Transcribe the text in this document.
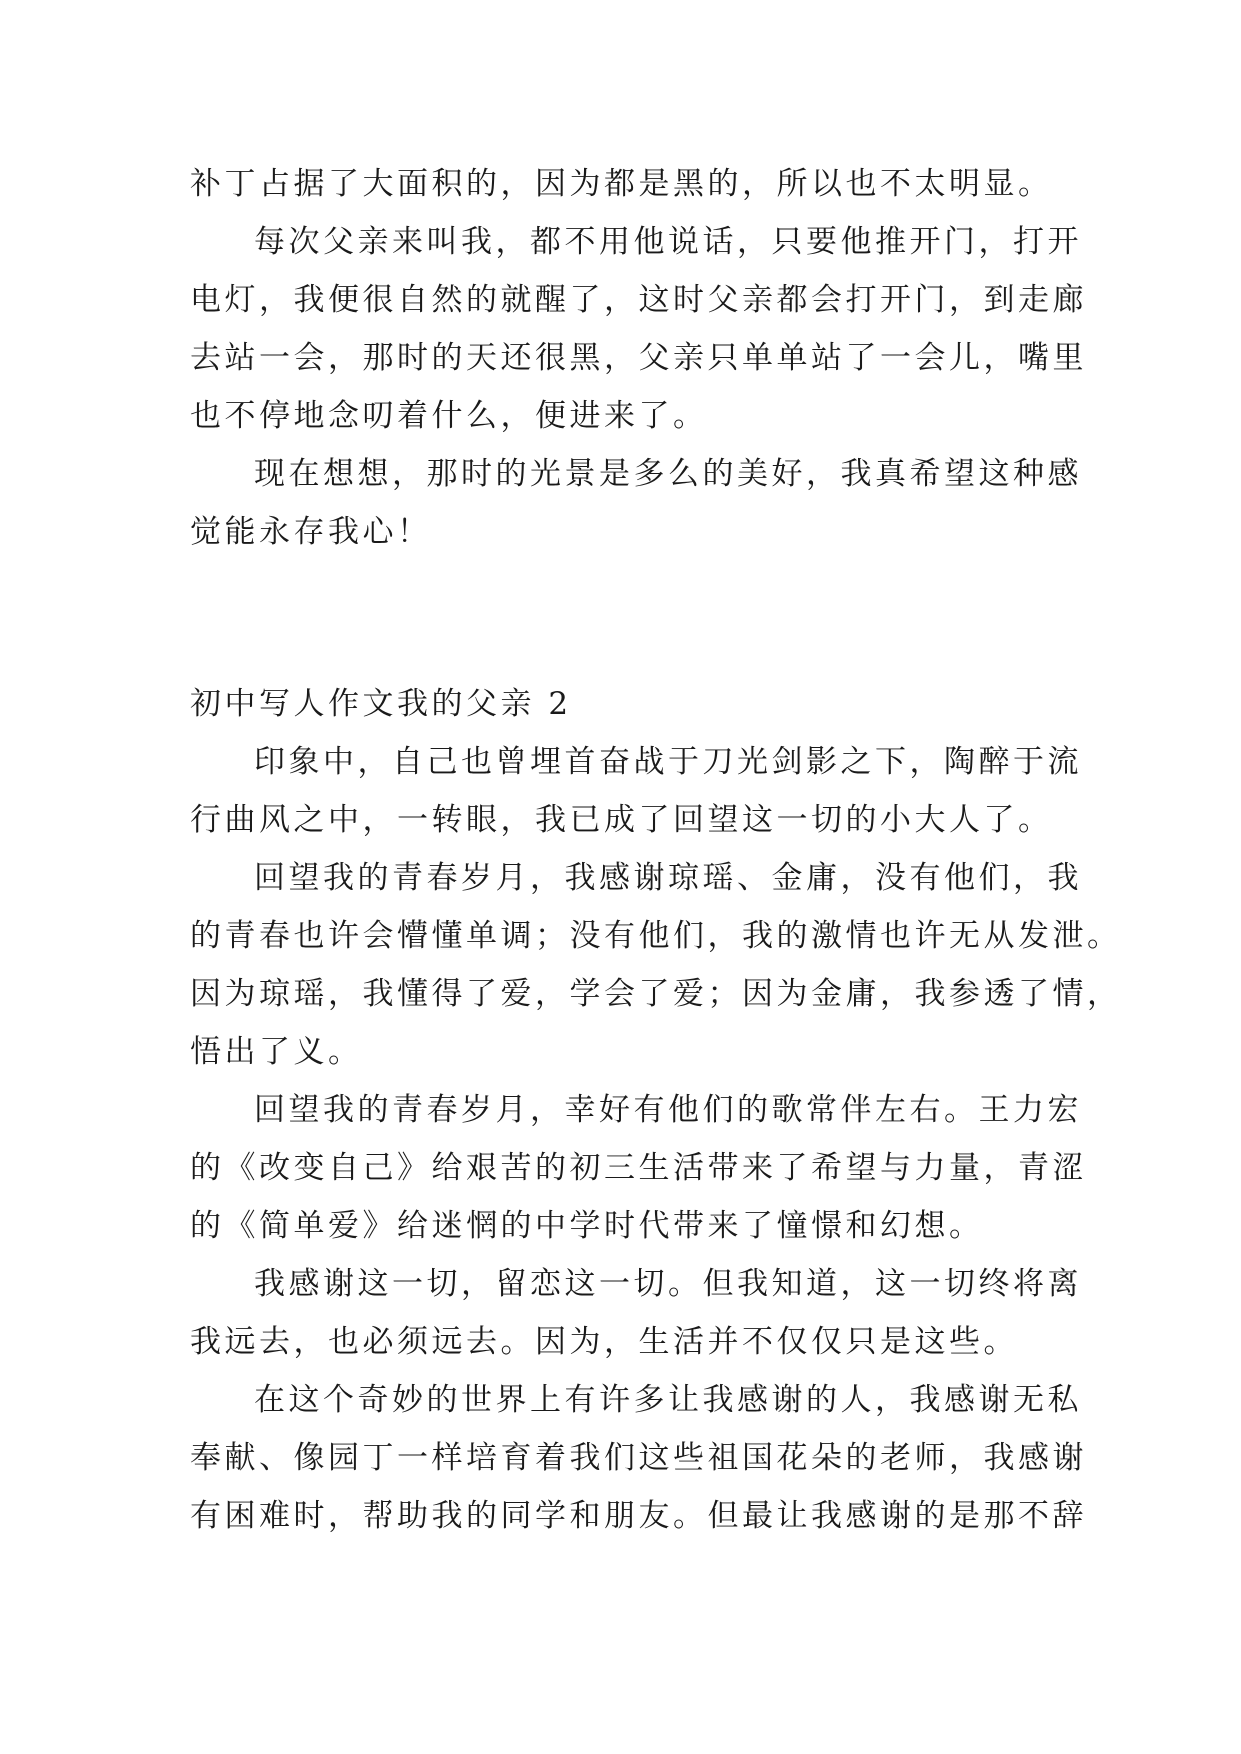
补丁占据了大面积的，因为都是黑的，所以也不太明显。
每次父亲来叫我，都不用他说话，只要他推开门，打开
电灯，我便很自然的就醒了，这时父亲都会打开门，到走廊
去站一会，那时的天还很黑，父亲只单单站了一会儿，嘴里
也不停地念叨着什么，便进来了。
现在想想，那时的光景是多么的美好，我真希望这种感
觉能永存我心！
初中写人作文我的父亲 2
印象中，自己也曾埋首奋战于刀光剑影之下，陶醉于流
行曲风之中，一转眼，我已成了回望这一切的小大人了。
回望我的青春岁月，我感谢琼瑶、金庸，没有他们，我
的青春也许会懵懂单调；没有他们，我的激情也许无从发泄。
因为琼瑶，我懂得了爱，学会了爱；因为金庸，我参透了情，
悟出了义。
回望我的青春岁月，幸好有他们的歌常伴左右。王力宏
的《改变自己》给艰苦的初三生活带来了希望与力量，青涩
的《简单爱》给迷惘的中学时代带来了憧憬和幻想。
我感谢这一切，留恋这一切。但我知道，这一切终将离
我远去，也必须远去。因为，生活并不仅仅只是这些。
在这个奇妙的世界上有许多让我感谢的人，我感谢无私
奉献、像园丁一样培育着我们这些祖国花朵的老师，我感谢
有困难时，帮助我的同学和朋友。但最让我感谢的是那不辞
